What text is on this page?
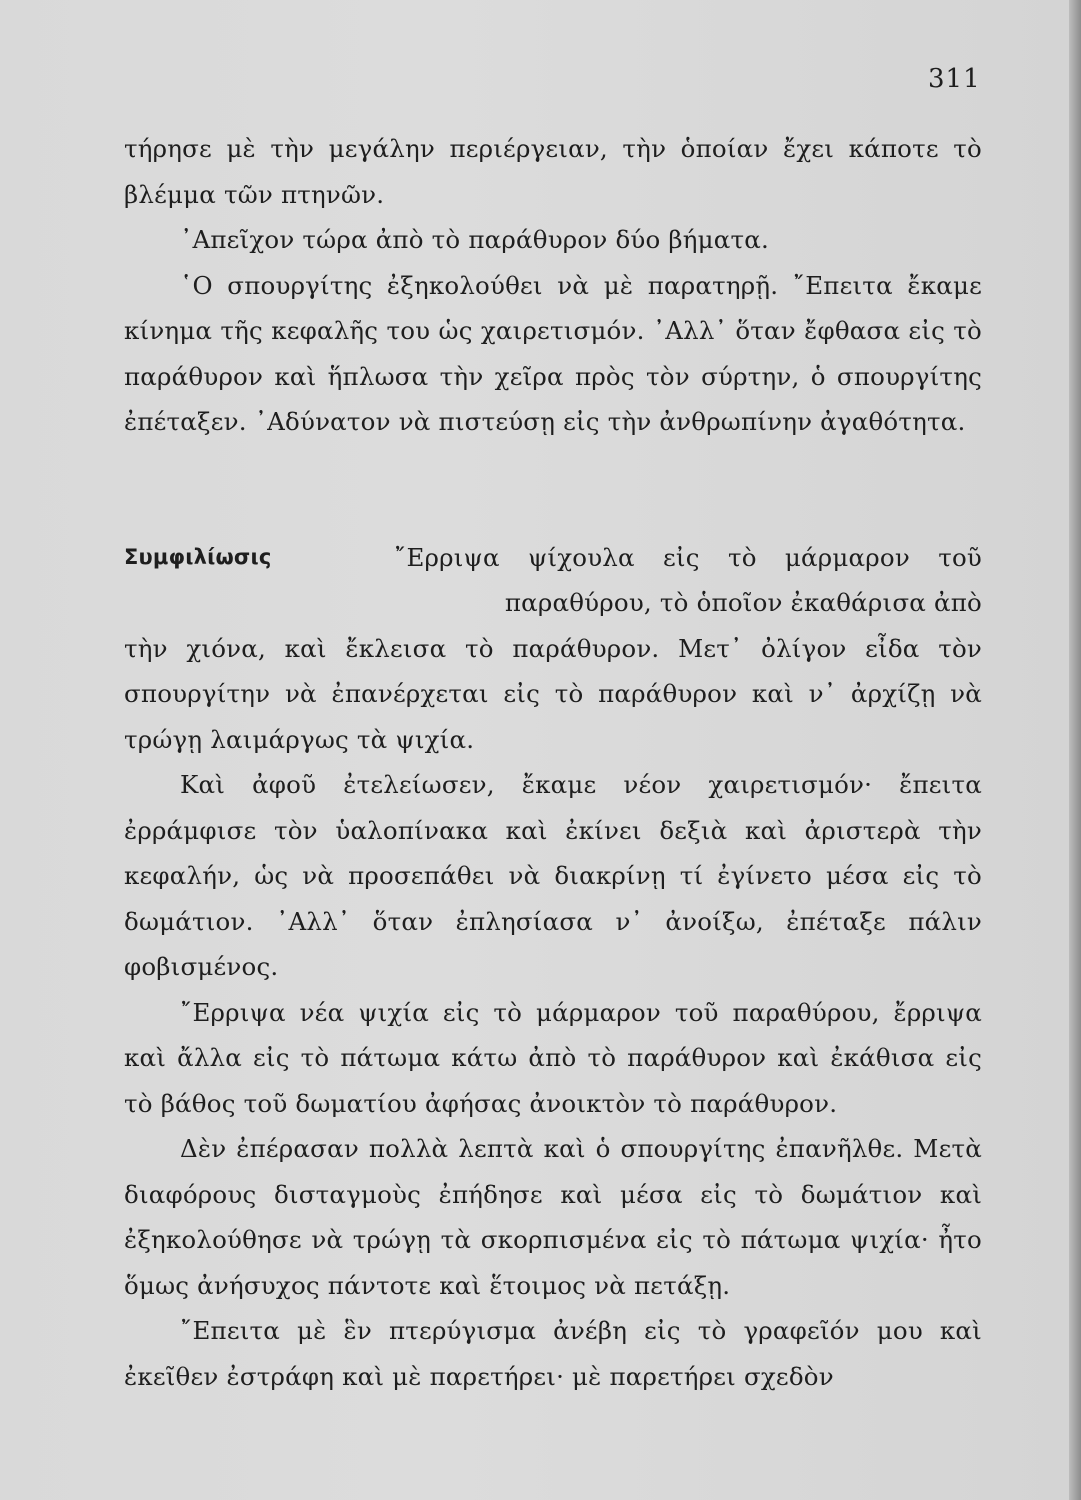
311

τήρησε μὲ τὴν μεγάλην περιέργειαν, τὴν ὁποίαν ἔχει κάποτε τὸ βλέμμα τῶν πτηνῶν.

᾿Απεῖχον τώρα ἀπὸ τὸ παράθυρον δύο βήματα.

῾Ο σπουργίτης ἐξηκολούθει νὰ μὲ παρατηρῇ. ῎Επειτα ἔκαμε κίνημα τῆς κεφαλῆς του ὡς χαιρετισμόν. ᾿Αλλ᾿ ὅταν ἔφθασα εἰς τὸ παράθυρον καὶ ἥπλωσα τὴν χεῖρα πρὸς τὸν σύρτην, ὁ σπουργίτης ἐπέταξεν. ᾿Αδύνατον νὰ πιστεύσῃ εἰς τὴν ἀνθρωπίνην ἀγαθότητα.

Συμφιλίωσις	῎Ερριψα ψίχουλα εἰς τὸ μάρμαρον τοῦ παραθύρου, τὸ ὁποῖον ἐκαθάρισα ἀπὸ
τὴν χιόνα, καὶ ἔκλεισα τὸ παράθυρον. Μετ᾿ ὀλίγον εἶδα τὸν σπουργίτην νὰ ἐπανέρχεται εἰς τὸ παράθυρον καὶ ν᾿ ἀρχίζῃ νὰ τρώγῃ λαιμάργως τὰ ψιχία.

Καὶ ἀφοῦ ἐτελείωσεν, ἔκαμε νέον χαιρετισμόν· ἔπειτα ἐρράμφισε τὸν ὑαλοπίνακα καὶ ἐκίνει δεξιὰ καὶ ἀριστερὰ τὴν κεφαλήν, ὡς νὰ προσεπάθει νὰ διακρίνῃ τί ἐγίνετο μέσα εἰς τὸ δωμάτιον. ᾿Αλλ᾿ ὅταν ἐπλησίασα ν᾿ ἀνοίξω, ἐπέταξε πάλιν φοβισμένος.

῎Ερριψα νέα ψιχία εἰς τὸ μάρμαρον τοῦ παραθύρου, ἔρριψα καὶ ἄλλα εἰς τὸ πάτωμα κάτω ἀπὸ τὸ παράθυρον καὶ ἐκάθισα εἰς τὸ βάθος τοῦ δωματίου ἀφήσας ἀνοικτὸν τὸ παράθυρον.

Δὲν ἐπέρασαν πολλὰ λεπτὰ καὶ ὁ σπουργίτης ἐπανῆλθε. Μετὰ διαφόρους δισταγμοὺς ἐπήδησε καὶ μέσα εἰς τὸ δωμάτιον καὶ ἐξηκολούθησε νὰ τρώγῃ τὰ σκορπισμένα εἰς τὸ πάτωμα ψιχία· ἦτο ὅμως ἀνήσυχος πάντοτε καὶ ἕτοιμος νὰ πετάξῃ.

῎Επειτα μὲ ἓν πτερύγισμα ἀνέβη εἰς τὸ γραφεῖόν μου καὶ ἐκεῖθεν ἐστράφη καὶ μὲ παρετήρει· μὲ παρετήρει σχεδὸν
